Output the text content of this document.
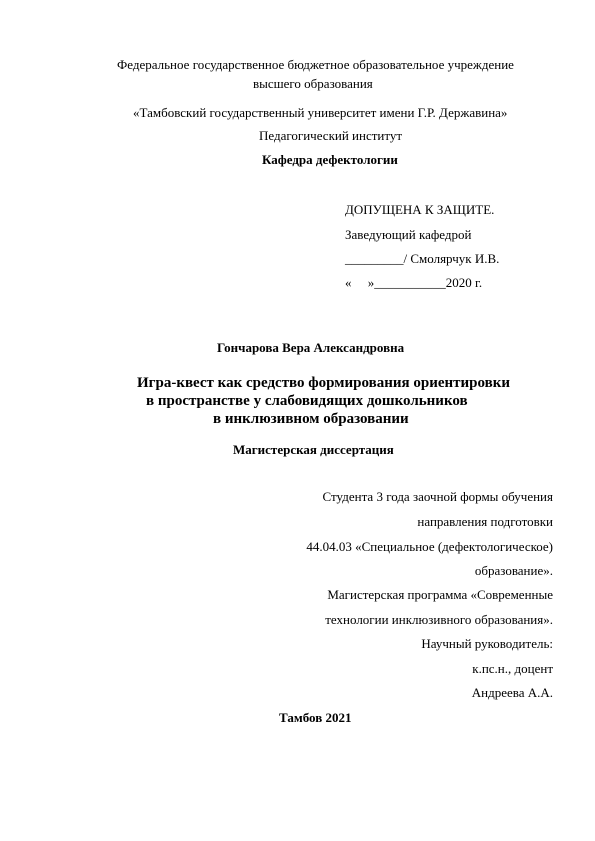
Федеральное государственное бюджетное образовательное учреждение
высшего образования
«Тамбовский государственный университет имени Г.Р. Державина»
Педагогический институт
Кафедра дефектологии
ДОПУЩЕНА К ЗАЩИТЕ.
Заведующий кафедрой
_________/ Смолярчук И.В.
«     »___________2020 г.
Гончарова Вера Александровна
Игра-квест как средство формирования ориентировки
в пространстве у слабовидящих дошкольников
в инклюзивном образовании
Магистерская диссертация
Студента 3 года заочной формы обучения
направления подготовки
44.04.03 «Специальное (дефектологическое)
образование».
Магистерская программа «Современные
технологии инклюзивного образования».
Научный руководитель:
к.пс.н., доцент
Андреева А.А.
Тамбов 2021
